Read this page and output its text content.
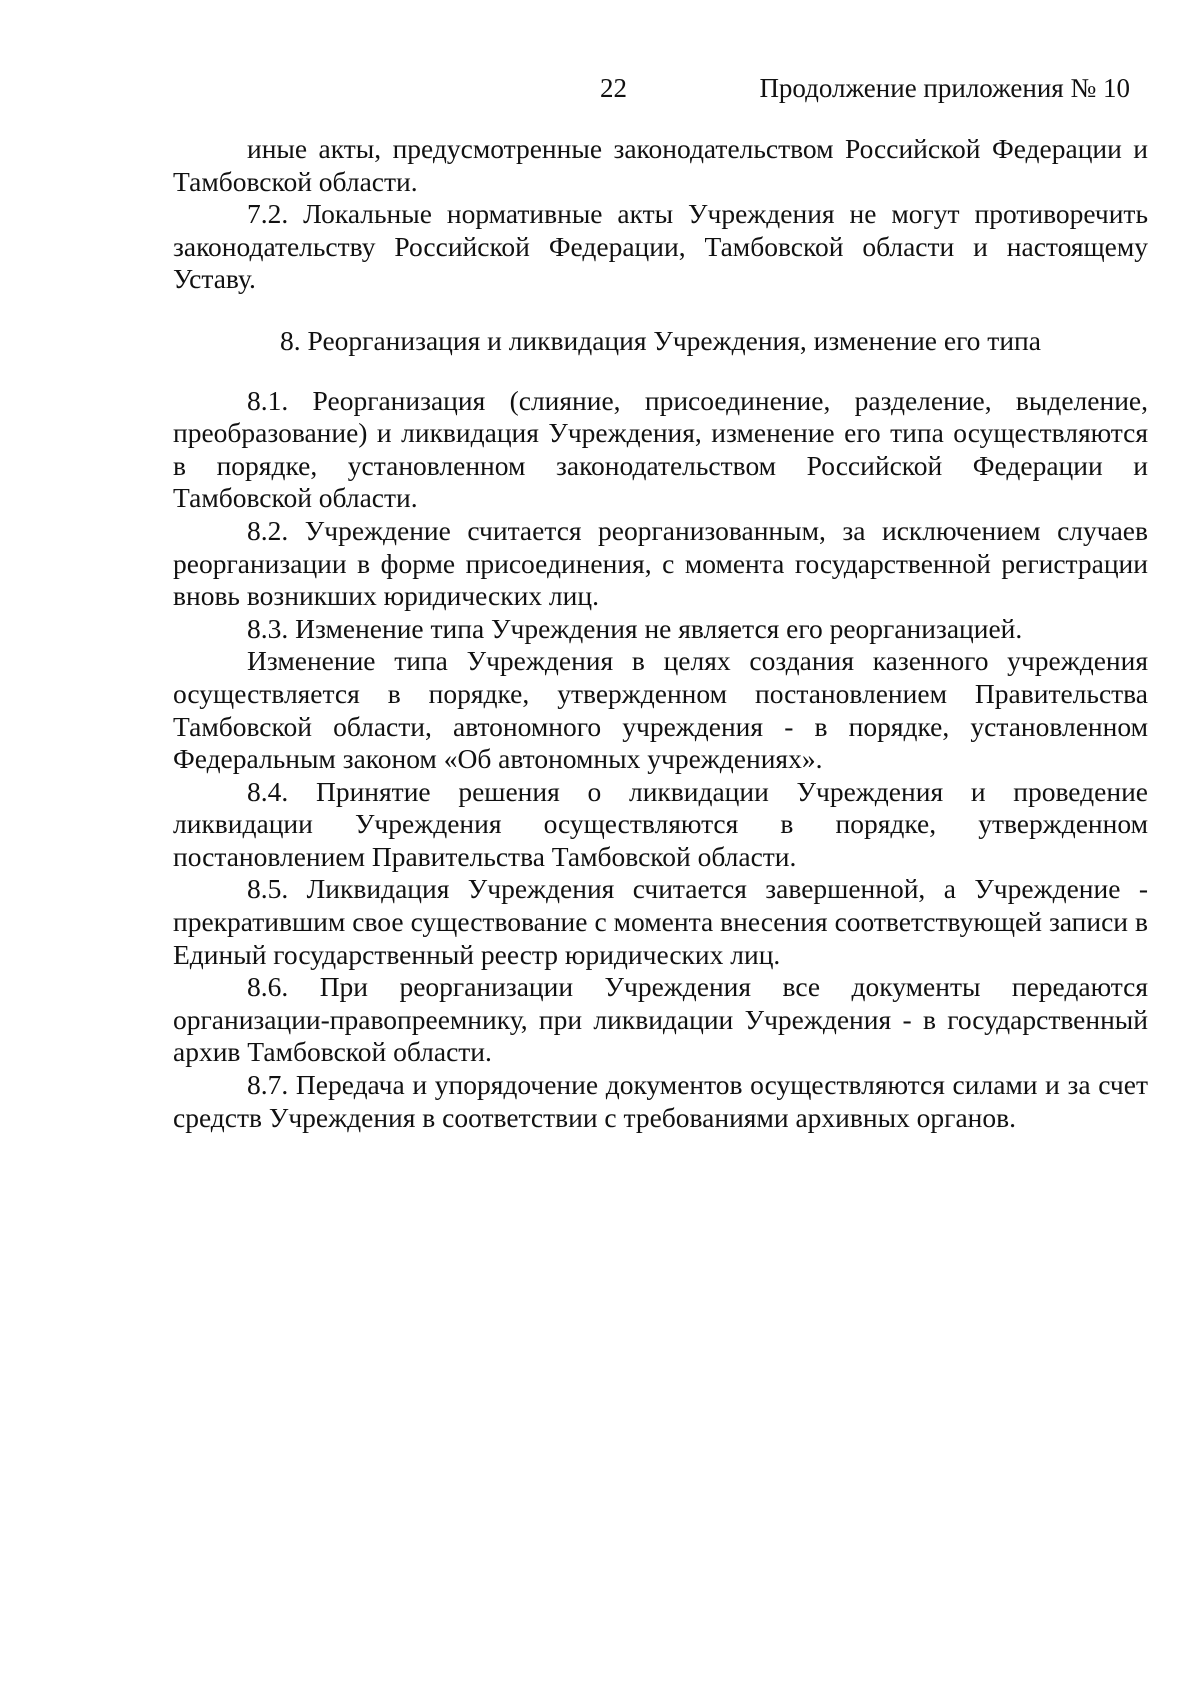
22	Продолжение приложения № 10

иные акты, предусмотренные законодательством Российской Федерации и Тамбовской области.

7.2. Локальные нормативные акты Учреждения не могут противоречить законодательству Российской Федерации, Тамбовской области и настоящему Уставу.

8. Реорганизация и ликвидация Учреждения, изменение его типа

8.1. Реорганизация (слияние, присоединение, разделение, выделение, преобразование) и ликвидация Учреждения, изменение его типа осуществляются в порядке, установленном законодательством Российской Федерации и Тамбовской области.

8.2. Учреждение считается реорганизованным, за исключением случаев реорганизации в форме присоединения, с момента государственной регистрации вновь возникших юридических лиц.

8.3. Изменение типа Учреждения не является его реорганизацией.

Изменение типа Учреждения в целях создания казенного учреждения осуществляется в порядке, утвержденном постановлением Правительства Тамбовской области, автономного учреждения - в порядке, установленном Федеральным законом «Об автономных учреждениях».

8.4. Принятие решения о ликвидации Учреждения и проведение ликвидации Учреждения осуществляются в порядке, утвержденном постановлением Правительства Тамбовской области.

8.5. Ликвидация Учреждения считается завершенной, а Учреждение - прекратившим свое существование с момента внесения соответствующей записи в Единый государственный реестр юридических лиц.

8.6. При реорганизации Учреждения все документы передаются организации-правопреемнику, при ликвидации Учреждения - в государственный архив Тамбовской области.

8.7. Передача и упорядочение документов осуществляются силами и за счет средств Учреждения в соответствии с требованиями архивных органов.
